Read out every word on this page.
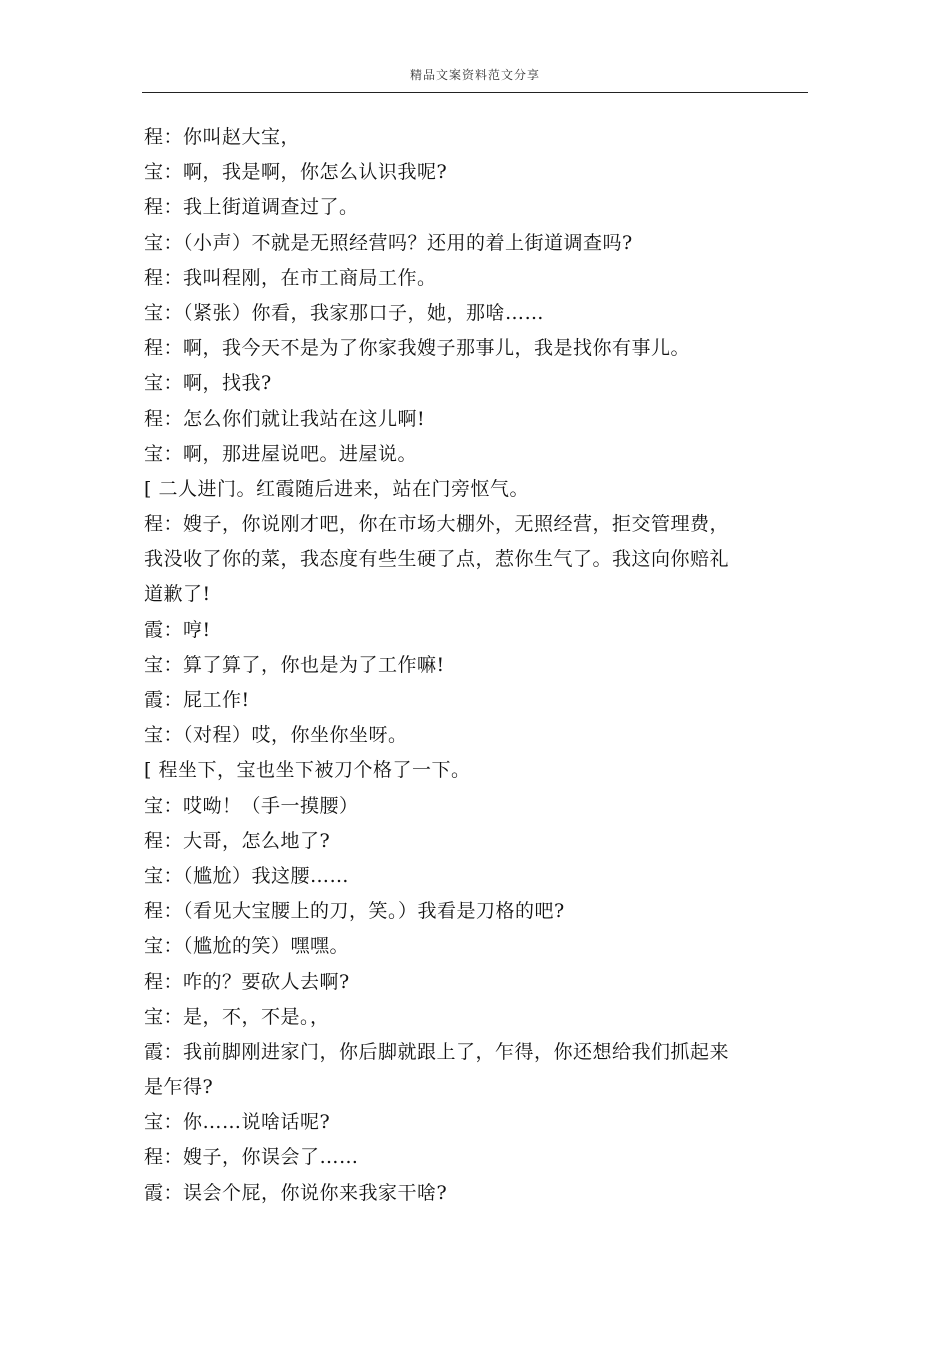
精品文案资料范文分享
程：你叫赵大宝，
宝：啊，我是啊，你怎么认识我呢?
程：我上街道调查过了。
宝：（小声）不就是无照经营吗？还用的着上街道调查吗?
程：我叫程刚，在市工商局工作。
宝：（紧张）你看，我家那口子，她，那啥……
程：啊，我今天不是为了你家我嫂子那事儿，我是找你有事儿。
宝：啊，找我?
程：怎么你们就让我站在这儿啊!
宝：啊，那进屋说吧。进屋说。
[ 二人进门。红霞随后进来，站在门旁怄气。
程：嫂子，你说刚才吧，你在市场大棚外，无照经营，拒交管理费，
我没收了你的菜，我态度有些生硬了点，惹你生气了。我这向你赔礼
道歉了!
霞：哼!
宝：算了算了，你也是为了工作嘛!
霞：屁工作!
宝：（对程）哎，你坐你坐呀。
[ 程坐下，宝也坐下被刀个格了一下。
宝：哎呦！（手一摸腰）
程：大哥，怎么地了?
宝：（尴尬）我这腰……
程：（看见大宝腰上的刀，笑。）我看是刀格的吧?
宝：（尴尬的笑）嘿嘿。
程：咋的？要砍人去啊?
宝：是，不，不是。，
霞：我前脚刚进家门，你后脚就跟上了，乍得，你还想给我们抓起来
是乍得?
宝：你……说啥话呢?
程：嫂子，你误会了……
霞：误会个屁，你说你来我家干啥?
